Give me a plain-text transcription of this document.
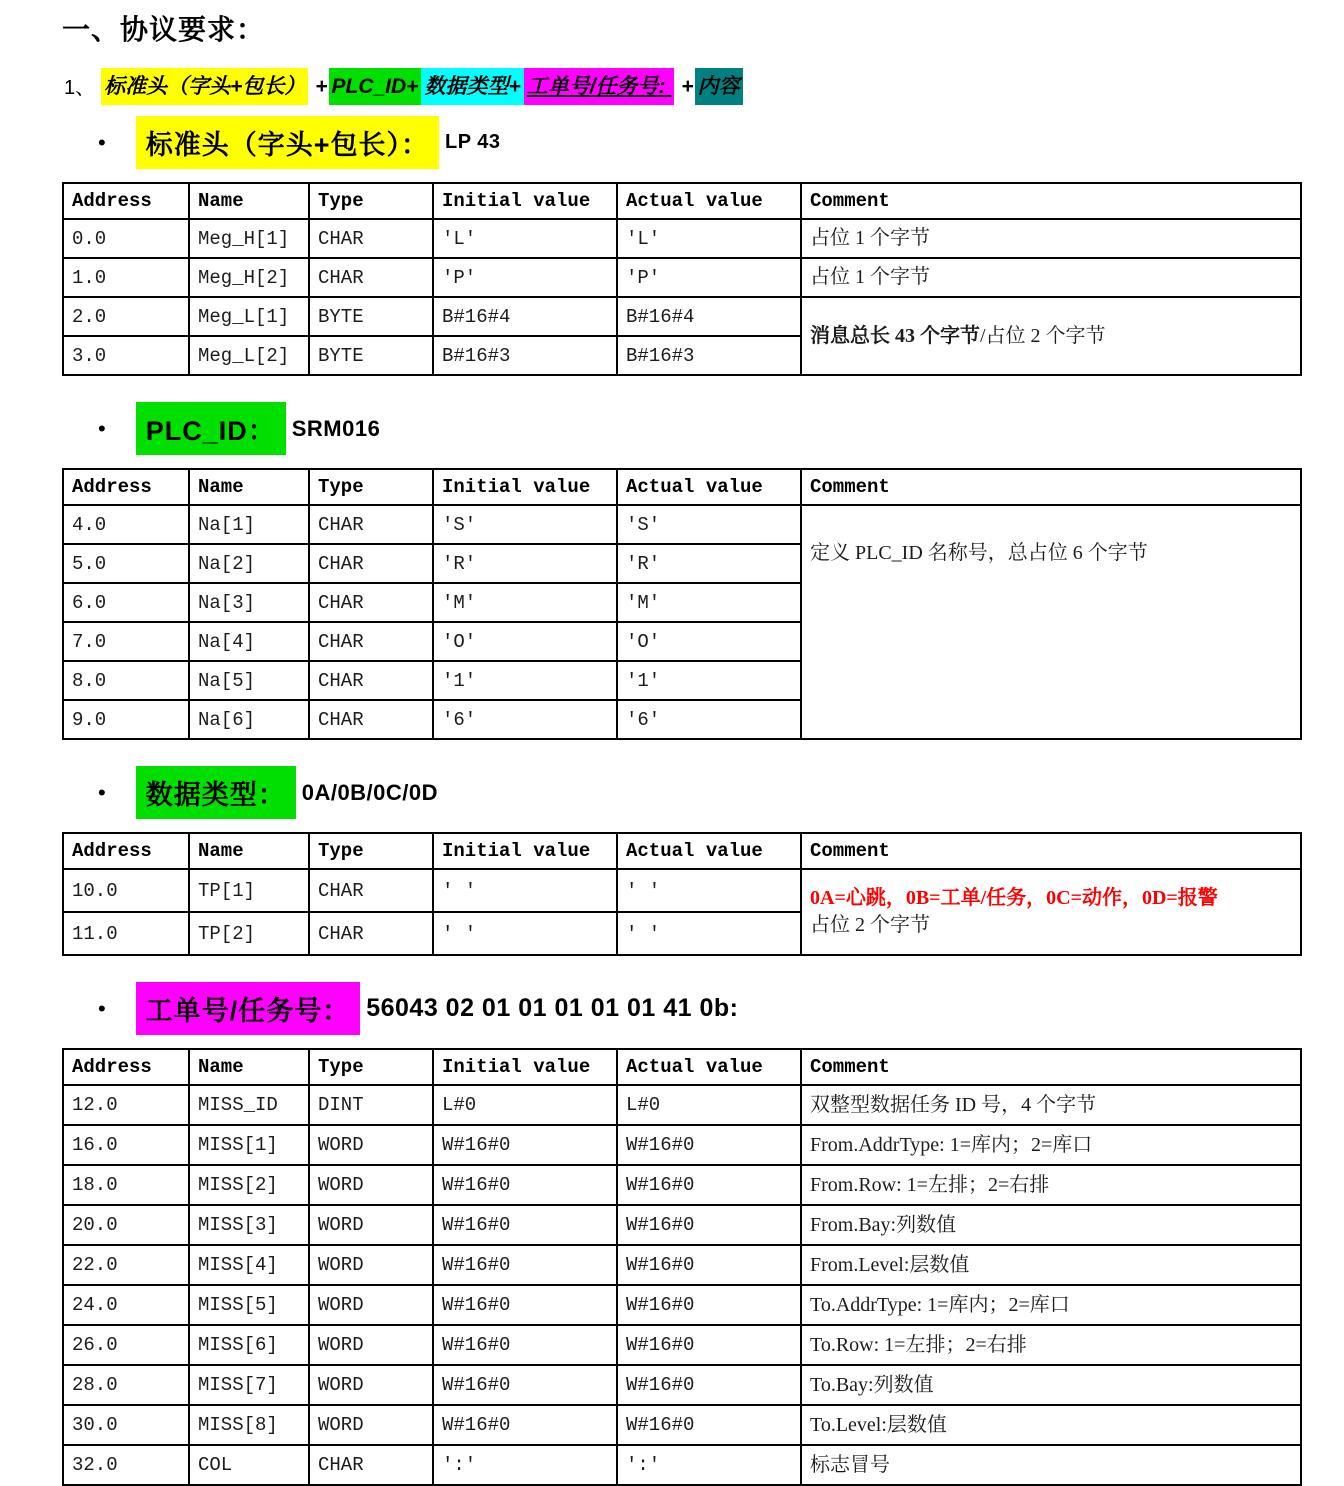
一、协议要求：
1、 标准头（字头+包长） + PLC_ID+ 数据类型+ 工单号/任务号:  + 内容
•	标准头（字头+包长）： LP 43
Address	Name	Type	Initial value	Actual value	Comment
0.0	Meg_H[1]	CHAR	'L'	'L'	占位 1 个字节

1.0	Meg_H[2]	CHAR	'P'	'P'	占位 1 个字节

2.0	Meg_L[1]	BYTE	B#16#4	B#16#4	消息总长 43 个字节/占位 2 个字节

3.0	Meg_L[2]	BYTE	B#16#3	B#16#3	
•	PLC_ID： SRM016
Address	Name	Type	Initial value	Actual value	Comment
4.0	Na[1]	CHAR	'S'	'S'	定义 PLC_ID 名称号，总占位 6 个字节

5.0	Na[2]	CHAR	'R'	'R'	
6.0	Na[3]	CHAR	'M'	'M'	
7.0	Na[4]	CHAR	'O'	'O'	
8.0	Na[5]	CHAR	'1'	'1'	
9.0	Na[6]	CHAR	'6'	'6'	
•	数据类型： 0A/0B/0C/0D
Address	Name	Type	Initial value	Actual value	Comment
10.0	TP[1]	CHAR	' '	' '	0A=心跳，0B=工单/任务，0C=动作，0D=报警
占位 2 个字节

11.0	TP[2]	CHAR	' '	' '	
•	工单号/任务号： 56043 02 01 01 01 01 01 41 0b:
Address	Name	Type	Initial value	Actual value	Comment
12.0	MISS_ID	DINT	L#0	L#0	双整型数据任务 ID 号，4 个字节

16.0	MISS[1]	WORD	W#16#0	W#16#0	From.AddrType: 1=库内；2=库口

18.0	MISS[2]	WORD	W#16#0	W#16#0	From.Row: 1=左排；2=右排

20.0	MISS[3]	WORD	W#16#0	W#16#0	From.Bay:列数值

22.0	MISS[4]	WORD	W#16#0	W#16#0	From.Level:层数值

24.0	MISS[5]	WORD	W#16#0	W#16#0	To.AddrType: 1=库内；2=库口

26.0	MISS[6]	WORD	W#16#0	W#16#0	To.Row: 1=左排；2=右排

28.0	MISS[7]	WORD	W#16#0	W#16#0	To.Bay:列数值

30.0	MISS[8]	WORD	W#16#0	W#16#0	To.Level:层数值

32.0	COL	CHAR	':'	':'	标志冒号
